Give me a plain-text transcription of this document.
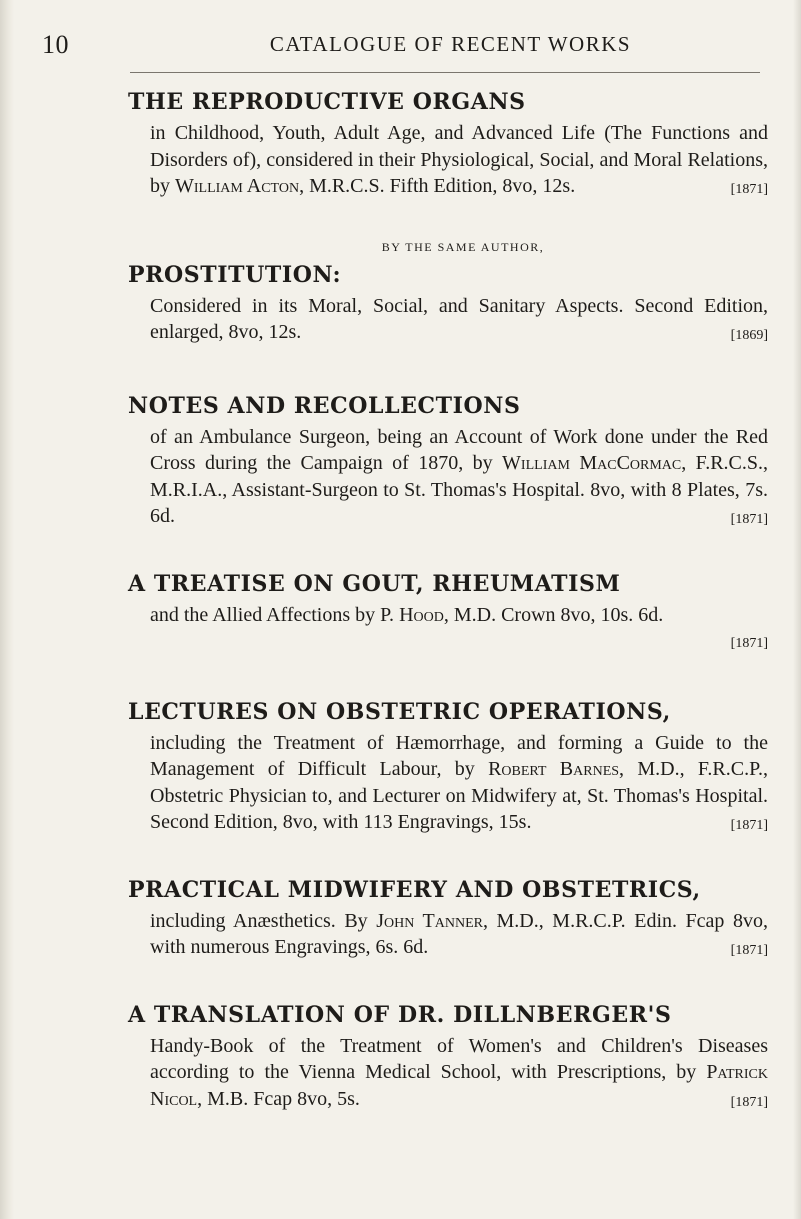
10	CATALOGUE OF RECENT WORKS
THE REPRODUCTIVE ORGANS
in Childhood, Youth, Adult Age, and Advanced Life (The Functions and Disorders of), considered in their Physiological, Social, and Moral Relations, by William Acton, M.R.C.S. Fifth Edition, 8vo, 12s.	[1871]
BY THE SAME AUTHOR,
PROSTITUTION:
Considered in its Moral, Social, and Sanitary Aspects. Second Edition, enlarged, 8vo, 12s.	[1869]
NOTES AND RECOLLECTIONS
of an Ambulance Surgeon, being an Account of Work done under the Red Cross during the Campaign of 1870, by William MacCormac, F.R.C.S., M.R.I.A., Assistant-Surgeon to St. Thomas's Hospital. 8vo, with 8 Plates, 7s. 6d.	[1871]
A TREATISE ON GOUT, RHEUMATISM
and the Allied Affections by P. Hood, M.D. Crown 8vo, 10s. 6d.
[1871]
LECTURES ON OBSTETRIC OPERATIONS,
including the Treatment of Hæmorrhage, and forming a Guide to the Management of Difficult Labour, by Robert Barnes, M.D., F.R.C.P., Obstetric Physician to, and Lecturer on Midwifery at, St. Thomas's Hospital. Second Edition, 8vo, with 113 Engravings, 15s.	[1871]
PRACTICAL MIDWIFERY AND OBSTETRICS,
including Anæsthetics. By John Tanner, M.D., M.R.C.P. Edin. Fcap 8vo, with numerous Engravings, 6s. 6d.	[1871]
A TRANSLATION OF DR. DILLNBERGER'S
Handy-Book of the Treatment of Women's and Children's Diseases according to the Vienna Medical School, with Prescriptions, by Patrick Nicol, M.B. Fcap 8vo, 5s.	[1871]
